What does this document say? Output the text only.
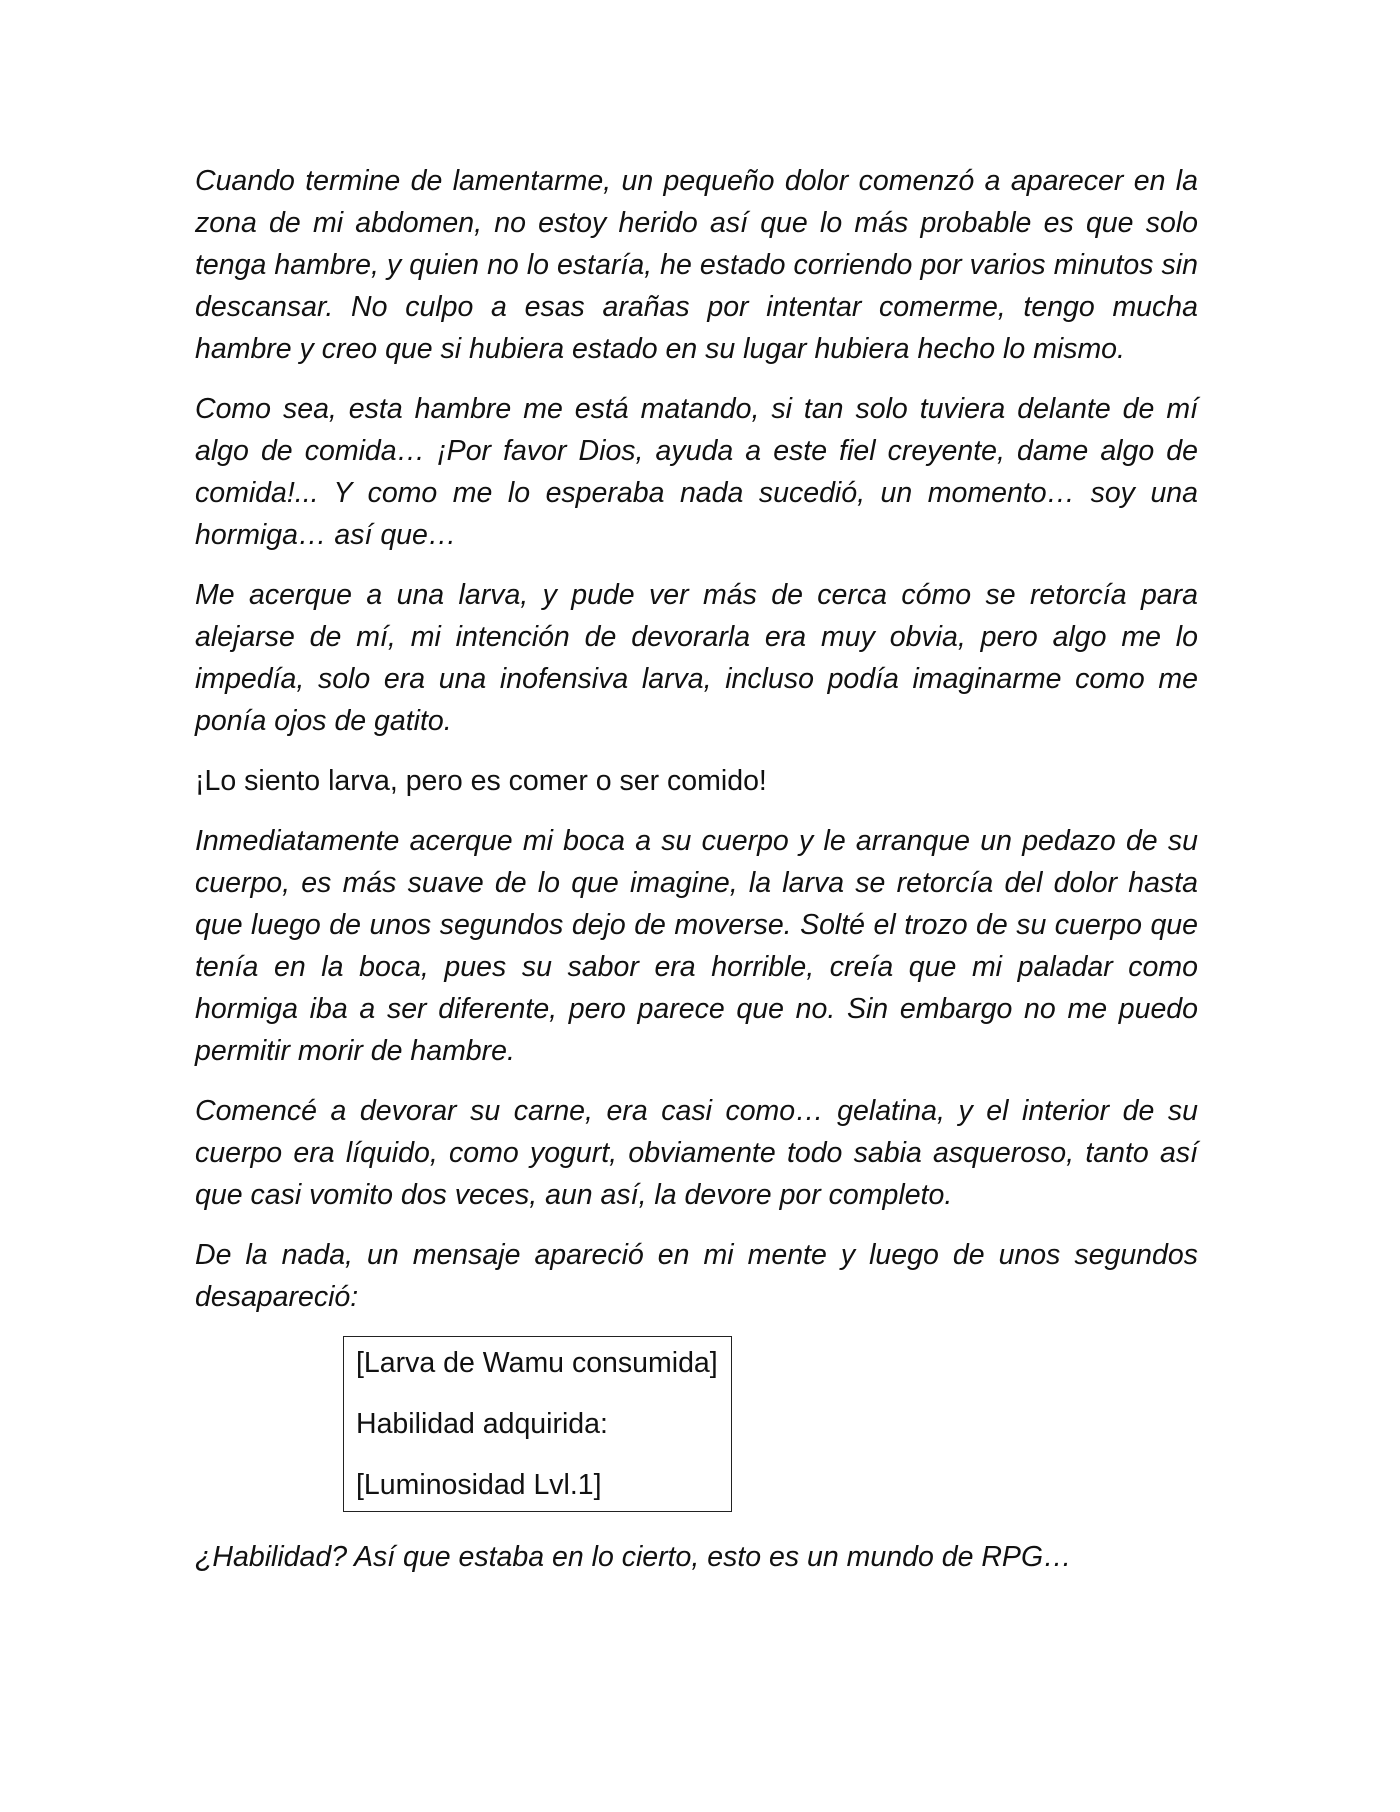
Cuando termine de lamentarme, un pequeño dolor comenzó a aparecer en la zona de mi abdomen, no estoy herido así que lo más probable es que solo tenga hambre, y quien no lo estaría, he estado corriendo por varios minutos sin descansar. No culpo a esas arañas por intentar comerme, tengo mucha hambre y creo que si hubiera estado en su lugar hubiera hecho lo mismo.

Como sea, esta hambre me está matando, si tan solo tuviera delante de mí algo de comida… ¡Por favor Dios, ayuda a este fiel creyente, dame algo de comida!... Y como me lo esperaba nada sucedió, un momento… soy una hormiga… así que…

Me acerque a una larva, y pude ver más de cerca cómo se retorcía para alejarse de mí, mi intención de devorarla era muy obvia, pero algo me lo impedía, solo era una inofensiva larva, incluso podía imaginarme como me ponía ojos de gatito.

¡Lo siento larva, pero es comer o ser comido!

Inmediatamente acerque mi boca a su cuerpo y le arranque un pedazo de su cuerpo, es más suave de lo que imagine, la larva se retorcía del dolor hasta que luego de unos segundos dejo de moverse. Solté el trozo de su cuerpo que tenía en la boca, pues su sabor era horrible, creía que mi paladar como hormiga iba a ser diferente, pero parece que no. Sin embargo no me puedo permitir morir de hambre.

Comencé a devorar su carne, era casi como… gelatina, y el interior de su cuerpo era líquido, como yogurt, obviamente todo sabia asqueroso, tanto así que casi vomito dos veces, aun así, la devore por completo.

De la nada, un mensaje apareció en mi mente y luego de unos segundos desapareció:

[Larva de Wamu consumida]
Habilidad adquirida:
[Luminosidad Lvl.1]

¿Habilidad? Así que estaba en lo cierto, esto es un mundo de RPG…
